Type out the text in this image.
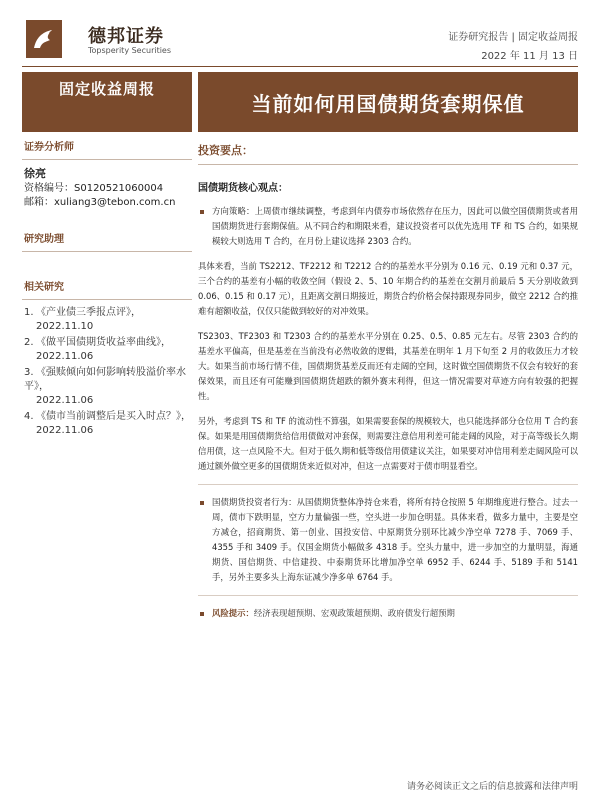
德邦证券
Topsperity Securities
证券研究报告 | 固定收益周报
2022 年 11 月 13 日
固定收益周报
当前如何用国债期货套期保值
证券分析师
徐亮
资格编号：S0120521060004
邮箱：xuliang3@tebon.com.cn
研究助理
相关研究
1. 《产业债三季报点评》，
2022.11.10
2. 《做平国债期货收益率曲线》，
2022.11.06
3. 《强赎倾向如何影响转股溢价率水平》，
2022.11.06
4. 《债市当前调整后是买入时点？》，
2022.11.06
投资要点：
国债期货核心观点：

方向策略：上周债市继续调整，考虑到年内债券市场依然存在压力，因此可以做空国债期货或者用国债期货进行套期保值。从不同合约和期限来看，建议投资者可以优先选用 TF 和 TS 合约，如果规模较大则选用 T 合约，在月份上建议选择 2303 合约。

具体来看，当前 TS2212、TF2212 和 T2212 合约的基差水平分别为 0.16 元、0.19 元和 0.37 元，三个合约的基差有小幅的收敛空间（假设 2、5、10 年期合约的基差在交割月前最后 5 天分别收敛到 0.06、0.15 和 0.17 元），且距离交割日期接近，期货合约价格会保持跟现券同步，做空 2212 合约推难有超额收益，仅仅只能做到较好的对冲效果。

TS2303、TF2303 和 T2303 合约的基差水平分别在 0.25、0.5、0.85 元左右。尽管 2303 合约的基差水平偏高，但是基差在当前没有必然收敛的逻辑，其基差在明年 1 月下旬至 2 月的收敛压力才较大。如果当前市场行情不佳，国债期货基差反而还有走阔的空间，这时做空国债期货不仅会有较好的套保效果，而且还有可能赚到国债期货超跌的额外赛末利得，但这一情况需要对草迹方向有较强的把握性。

另外，考虑到 TS 和 TF 的流动性不算强，如果需要套保的规模较大，也只能选择部分仓位用 T 合约套保。如果是用国债期货给信用债做对冲套保，则需要注意信用利差可能走阔的风险，对于高等级长久期信用债，这一点风险不大。但对于低久期和低等级信用债建议关注，如果要对冲信用利差走阔风险可以通过额外做空更多的国债期货来近似对冲，但这一点需要对于债市明显看空。

国债期货投资者行为：从国债期货整体净持仓来看，将所有持仓按照 5 年期维度进行整合。过去一周，债市下跌明显，空方力量偏强一些，空头进一步加仓明显。具体来看，做多力量中，主要是空方减仓，招商期货、第一创业、国投安信、中原期货分别环比减少净空单 7278 手、7069 手、4355 手和 3409 手。仅国金期货小幅做多 4318 手。空头力量中，进一步加空的力量明显，海通期货、国信期货、中信建投、中泰期货环比增加净空单 6952 手、6244 手、5189 手和 5141 手，另外主要多头上海东证减少净多单 6764 手。

风险提示：经济表现超预期、宏观政策超预期、政府债发行超预期
请务必阅读正文之后的信息披露和法律声明
